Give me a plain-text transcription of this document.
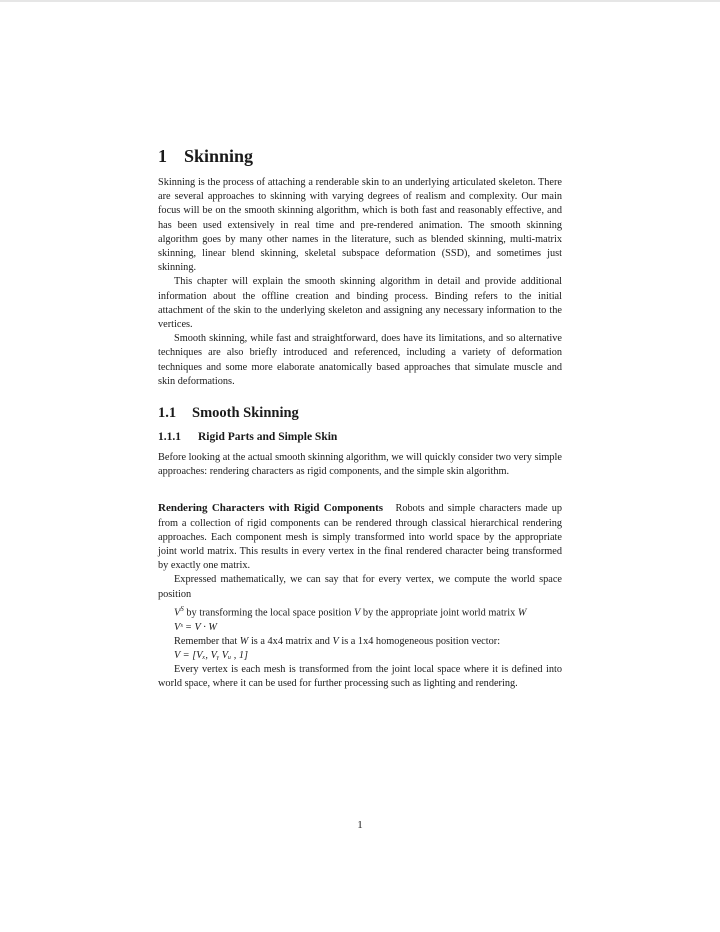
1 Skinning

Skinning is the process of attaching a renderable skin to an underlying articulated skeleton. There are several approaches to skinning with varying degrees of realism and complexity. Our main focus will be on the smooth skinning algorithm, which is both fast and reasonably effective, and has been used extensively in real time and pre-rendered animation. The smooth skinning algorithm goes by many other names in the literature, such as blended skinning, multi-matrix skinning, linear blend skinning, skeletal subspace deformation (SSD), and sometimes just skinning.

This chapter will explain the smooth skinning algorithm in detail and provide additional information about the offline creation and binding process. Binding refers to the initial attachment of the skin to the underlying skeleton and assigning any necessary information to the vertices.

Smooth skinning, while fast and straightforward, does have its limitations, and so alternative techniques are also briefly introduced and referenced, including a variety of deformation techniques and some more elaborate anatomically based approaches that simulate muscle and skin deformations.

1.1 Smooth Skinning
1.1.1 Rigid Parts and Simple Skin

Before looking at the actual smooth skinning algorithm, we will quickly consider two very simple approaches: rendering characters as rigid components, and the simple skin algorithm.

Rendering Characters with Rigid Components Robots and simple characters made up from a collection of rigid components can be rendered through classical hierarchical rendering approaches. Each component mesh is simply transformed into world space by the appropriate joint world matrix. This results in every vertex in the final rendered character being transformed by exactly one matrix.

Expressed mathematically, we can say that for every vertex, we compute the world space position

$V^S$ by transforming the local space position V by the appropriate joint world matrix W

Vˢ = V · W

Remember that W is a 4x4 matrix and V is a 1x4 homogeneous position vector:

V = [Vₓ, Vᵧ Vᵤ , 1]

Every vertex is each mesh is transformed from the joint local space where it is defined into world space, where it can be used for further processing such as lighting and rendering.

1
